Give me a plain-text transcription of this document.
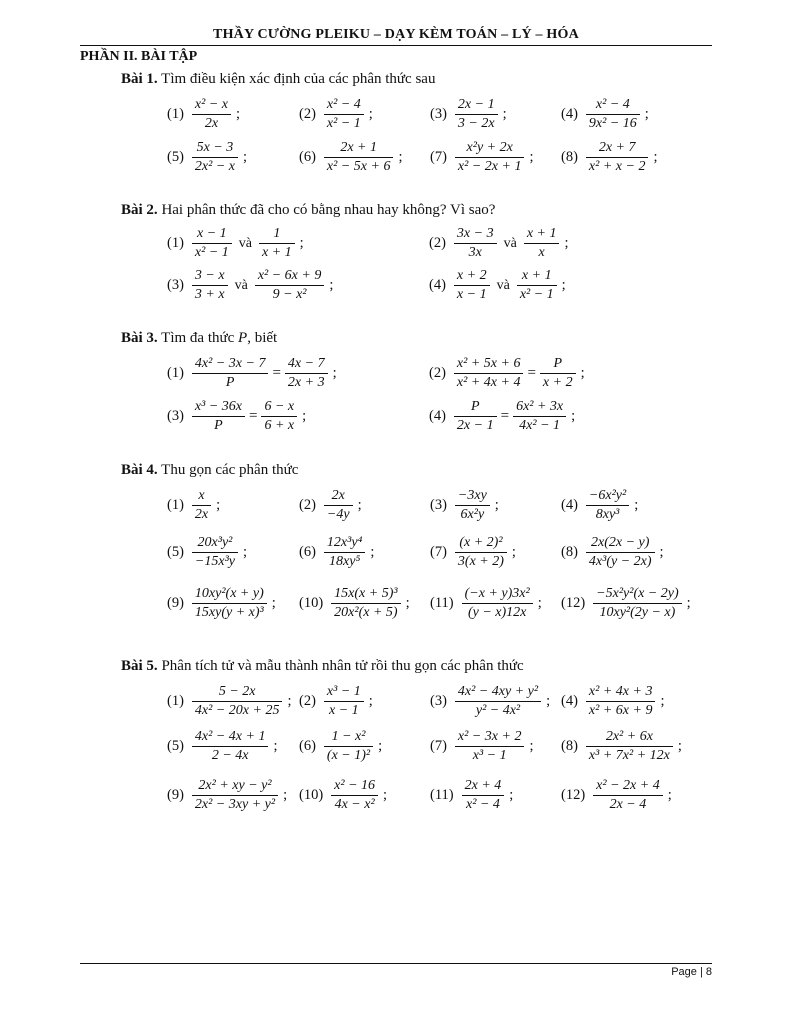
THẦY CƯỜNG PLEIKU – DẠY KÈM TOÁN – LÝ – HÓA
PHẦN II. BÀI TẬP
Bài 1. Tìm điều kiện xác định của các phân thức sau
$(1) \frac{\text{x² − x}}{2x}$ ;	$(2) \frac{\text{x² − 4}}{\text{x² − 1}}$ ;	$(3) \frac{2x - 1}{3 - 2x}$ ;	$(4) \frac{\text{x² − 4}}{\text{9x² − 16}}$ ;
$(5) \frac{5x - 3}{\text{2x² − x}}$ ;	$(6) \frac{2x + 1}{\text{x² − 5x + 6}}$ ; $(7) \frac{\text{x²y + 2x}}{\text{x² − 2x + 1}}$ ; $(8) \frac{2x + 7}{\text{x² + x − 2}}$ ;
Bài 2. Hai phân thức đã cho có bằng nhau hay không? Vì sao?
$(1) \frac{x - 1}{\text{x² − 1}}$ và $\frac{1}{x + 1}$ ;	$(2) \frac{3x - 3}{3x}$ và $\frac{x + 1}{x}$ ;
$(3) \frac{3 - x}{3 + x}$ và $\frac{\text{x² − 6x + 9}}{\text{9 − x²}}$ ;	$(4) \frac{x + 2}{x - 1}$ và $\frac{x + 1}{\text{x² − 1}}$ ;
Bài 3. Tìm đa thức P, biết
$(1) \frac{\text{4x² − 3x − 7}}{P} = \frac{4x - 7}{2x + 3}$ ;	$(2) \frac{\text{x² + 5x + 6}}{\text{x² + 4x + 4}} = \frac{P}{x + 2}$ ;
$(3) \frac{\text{x³ − 36x}}{P} = \frac{6 - x}{6 + x}$ ;	$(4) \frac{P}{2x - 1} = \frac{\text{6x² + 3x}}{\text{4x² − 1}}$ ;
Bài 4. Thu gọn các phân thức
$(1) \frac{x}{2x}$ ;	$(2) \frac{2x}{-4y}$ ;	$(3) \frac{-3xy}{\text{6x²y}}$ ;	$(4) \frac{\text{−6x²y²}}{\text{8xy³}}$ ;
$(5) \frac{\text{20x³y²}}{\text{−15x³y}}$ ;	$(6) \frac{\text{12x³y⁴}}{\text{18xy⁵}}$ ;	$(7) \frac{\text{(x + 2)²}}{3(x + 2)}$ ;	$(8) \frac{2x(2x - y)}{\text{4x³(y − 2x)}}$ ;
$(9) \frac{\text{10xy²(x + y)}}{\text{15xy(y + x)³}}$ ; $(10) \frac{\text{15x(x + 5)³}}{\text{20x²(x + 5)}}$ ; $(11) \frac{\text{(−x + y)3x²}}{(y - x)12x}$ ; $(12) \frac{\text{−5x²y²(x − 2y)}}{\text{10xy²(2y − x)}}$ ;
Bài 5. Phân tích tử và mẫu thành nhân tử rồi thu gọn các phân thức
$(1) \frac{5 - 2x}{\text{4x² − 20x + 25}}$ ; $(2) \frac{\text{x³ − 1}}{x - 1}$ ;	$(3) \frac{\text{4x² − 4xy + y²}}{\text{y² − 4x²}}$ ; $(4) \frac{\text{x² + 4x + 3}}{\text{x² + 6x + 9}}$ ;
$(5) \frac{\text{4x² − 4x + 1}}{2 - 4x}$ ; $(6) \frac{\text{1 − x²}}{\text{(x − 1)²}}$ ;	$(7) \frac{\text{x² − 3x + 2}}{\text{x³ − 1}}$ ; $(8) \frac{\text{2x² + 6x}}{\text{x³ + 7x² + 12x}}$ ;
$(9) \frac{\text{2x² + xy − y²}}{\text{2x² − 3xy + y²}}$ ; $(10) \frac{\text{x² − 16}}{\text{4x − x²}}$ ;	$(11) \frac{2x + 4}{\text{x² − 4}}$ ;	$(12) \frac{\text{x² − 2x + 4}}{2x - 4}$ ;
Page | 8
